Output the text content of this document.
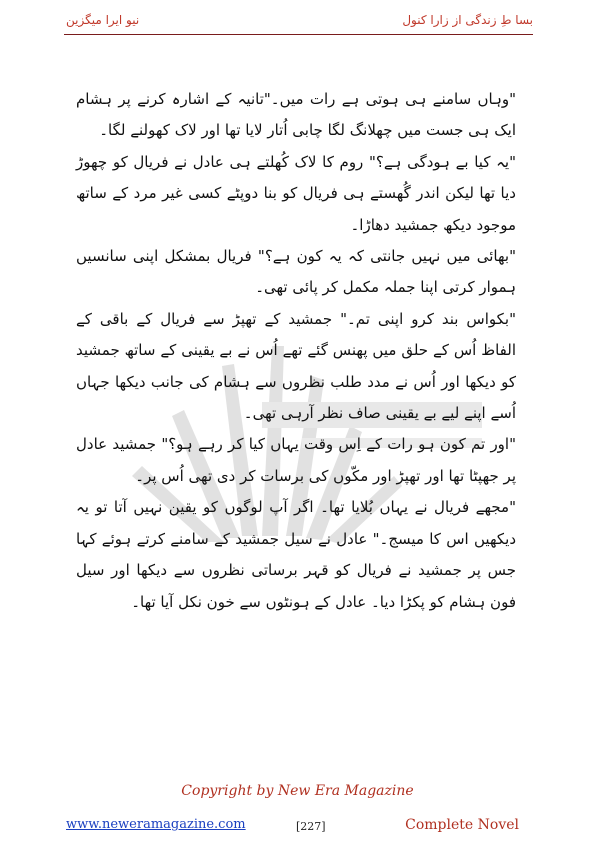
نیو ایرا میگزین	بسا طِ زندگی از زارا کنول

"وہاں سامنے ہی ہوتی ہے رات میں۔"تانیہ کے اشارہ کرنے پر ہشام ایک ہی جست میں چھلانگ لگا چابی اُتار لایا تھا اور لاک کھولنے لگا۔

"یہ کیا بے ہودگی ہے؟" روم کا لاک کُھلتے ہی عادل نے فریال کو چھوڑ دیا تھا لیکن اندر گُھستے ہی فریال کو بنا دوپٹے کسی غیر مرد کے ساتھ موجود دیکھ جمشید دھاڑا۔

"بھائی میں نہیں جانتی کہ یہ کون ہے؟" فریال بمشکل اپنی سانسیں ہموار کرتی اپنا جملہ مکمل کر پائی تھی۔

"بکواس بند کرو اپنی تم۔" جمشید کے تھپڑ سے فریال کے باقی کے الفاظ اُس کے حلق میں پھنس گئے تھے اُس نے بے یقینی کے ساتھ جمشید کو دیکھا اور اُس نے مدد طلب نظروں سے ہشام کی جانب دیکھا جہاں اُسے اپنے لیے بے یقینی صاف نظر آرہی تھی۔

"اور تم کون ہو رات کے اِس وقت یہاں کیا کر رہے ہو؟" جمشید عادل پر جھپٹا تھا اور تھپڑ اور مکّوں کی برسات کر دی تھی اُس پر۔

"مجھے فریال نے یہاں بُلایا تھا۔ اگر آپ لوگوں کو یقین نہیں آتا تو یہ دیکھیں اس کا میسج۔" عادل نے سیل جمشید کے سامنے کرتے ہوئے کہا جس پر جمشید نے فریال کو قہر برساتی نظروں سے دیکھا اور سیل فون ہشام کو پکڑا دیا۔ عادل کے ہونٹوں سے خون نکل آیا تھا۔

Copyright by New Era Magazine
www.neweramagazine.com	[227]	Complete Novel
